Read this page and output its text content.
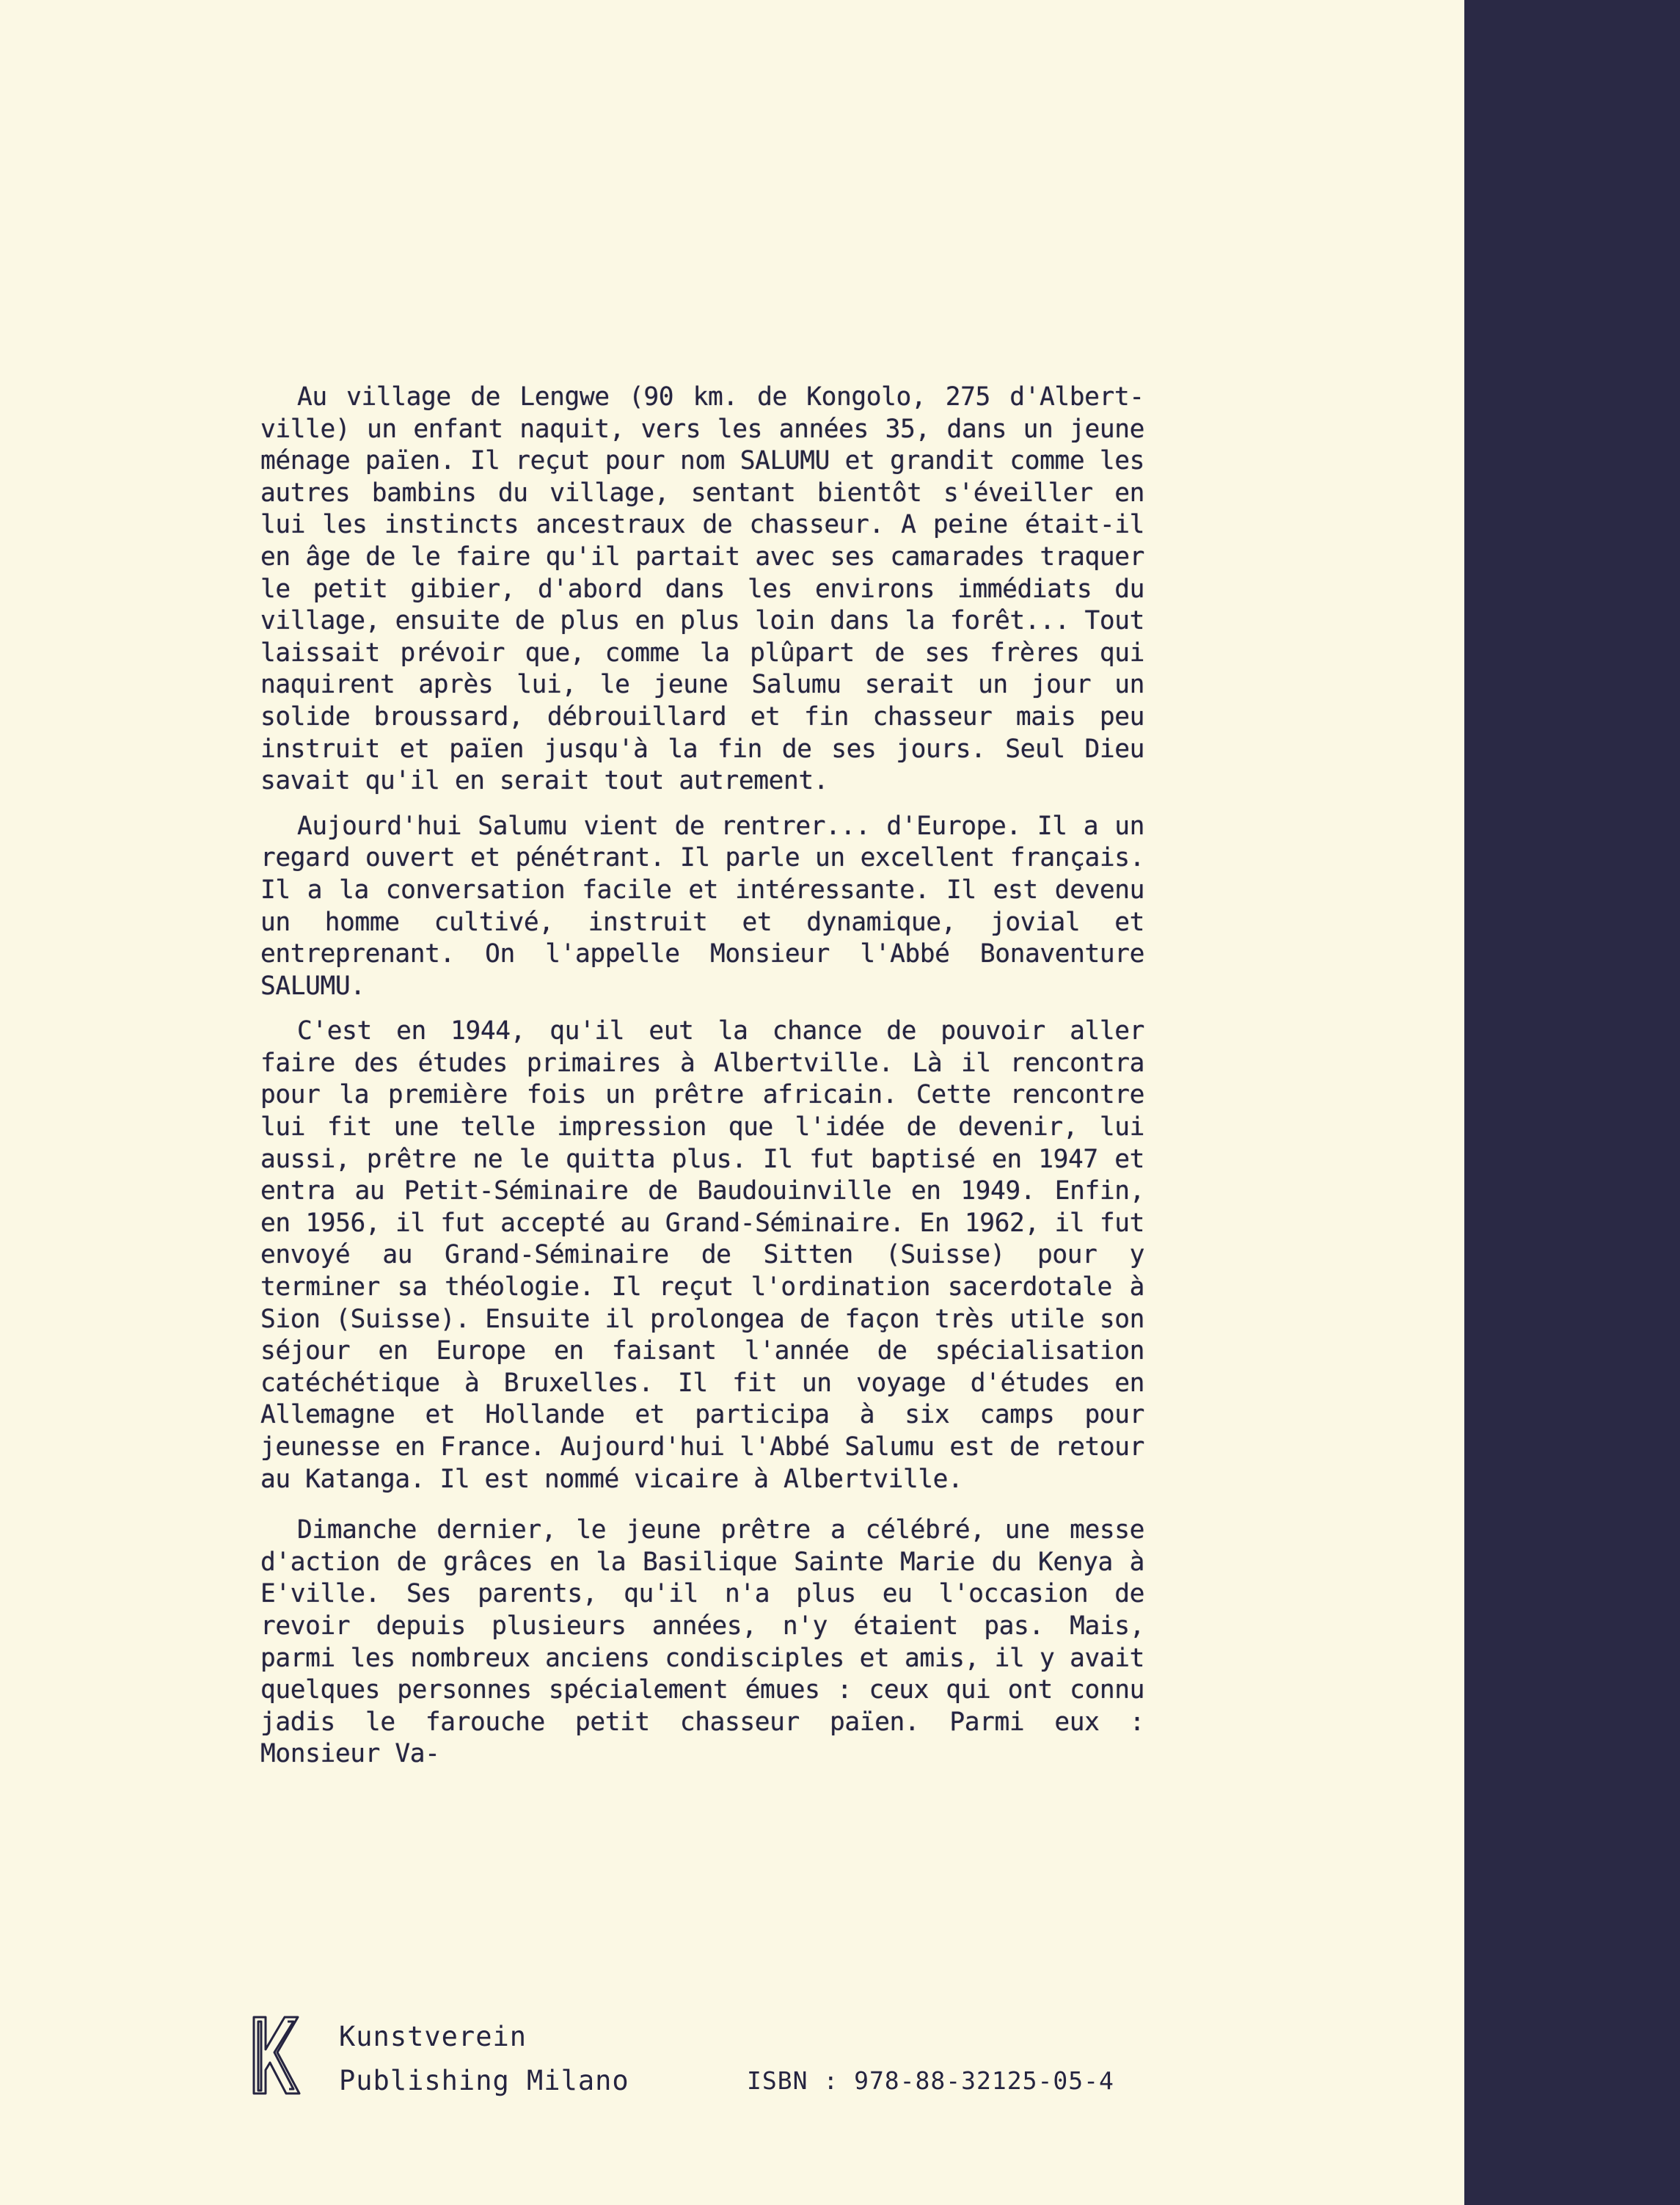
Au village de Lengwe (90 km. de Kongolo, 275 d'Albertville) un enfant naquit, vers les années 35, dans un jeune ménage païen. Il reçut pour nom SALUMU et grandit comme les autres bambins du village, sentant bientôt s'éveiller en lui les instincts ancestraux de chasseur. A peine était-il en âge de le faire qu'il partait avec ses camarades traquer le petit gibier, d'abord dans les environs immédiats du village, ensuite de plus en plus loin dans la forêt... Tout laissait prévoir que, comme la plûpart de ses frères qui naquirent après lui, le jeune Salumu serait un jour un solide broussard, débrouillard et fin chasseur mais peu instruit et païen jusqu'à la fin de ses jours. Seul Dieu savait qu'il en serait tout autrement.

Aujourd'hui Salumu vient de rentrer... d'Europe. Il a un regard ouvert et pénétrant. Il parle un excellent français. Il a la conversation facile et intéressante. Il est devenu un homme cultivé, instruit et dynamique, jovial et entreprenant. On l'appelle Monsieur l'Abbé Bonaventure SALUMU.

C'est en 1944, qu'il eut la chance de pouvoir aller faire des études primaires à Albertville. Là il rencontra pour la première fois un prêtre africain. Cette rencontre lui fit une telle impression que l'idée de devenir, lui aussi, prêtre ne le quitta plus. Il fut baptisé en 1947 et entra au Petit-Séminaire de Baudouinville en 1949. Enfin, en 1956, il fut accepté au Grand-Séminaire. En 1962, il fut envoyé au Grand-Séminaire de Sitten (Suisse) pour y terminer sa théologie. Il reçut l'ordination sacerdotale à Sion (Suisse). Ensuite il prolongea de façon très utile son séjour en Europe en faisant l'année de spécialisation catéchétique à Bruxelles. Il fit un voyage d'études en Allemagne et Hollande et participa à six camps pour jeunesse en France. Aujourd'hui l'Abbé Salumu est de retour au Katanga. Il est nommé vicaire à Albertville.

Dimanche dernier, le jeune prêtre a célébré, une messe d'action de grâces en la Basilique Sainte Marie du Kenya à E'ville. Ses parents, qu'il n'a plus eu l'occasion de revoir depuis plusieurs années, n'y étaient pas. Mais, parmi les nombreux anciens condisciples et amis, il y avait quelques personnes spécialement émues : ceux qui ont connu jadis le farouche petit chasseur païen. Parmi eux : Monsieur Va-

Kunstverein
Publishing Milano	ISBN : 978-88-32125-05-4
